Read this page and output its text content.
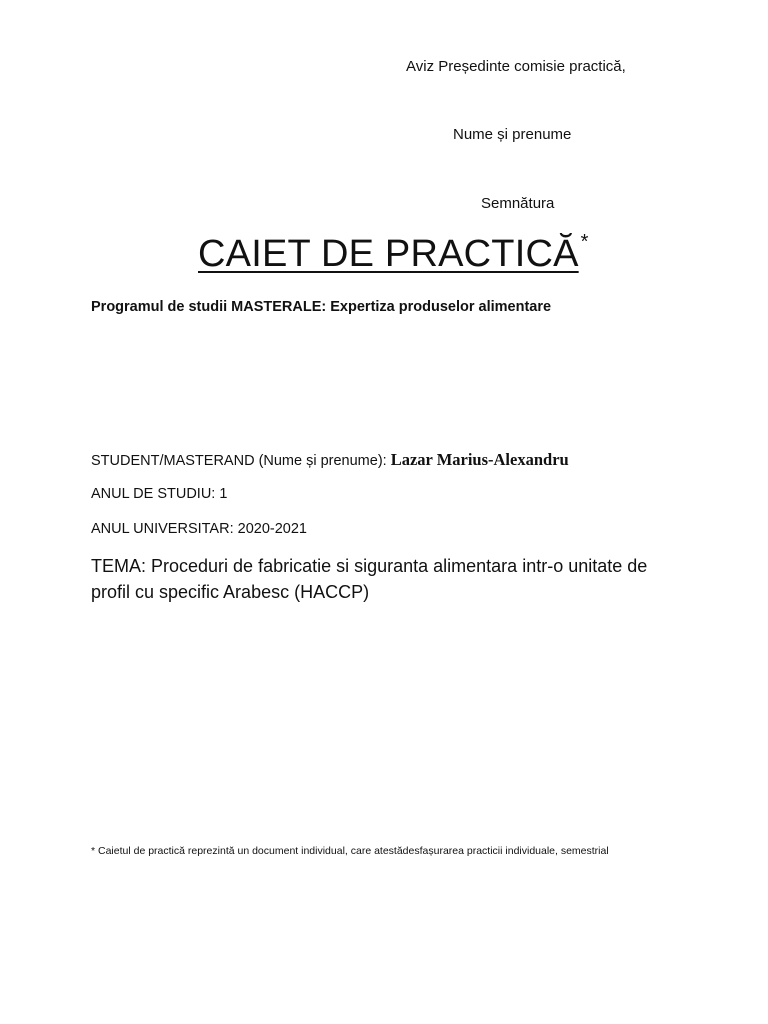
Aviz Președinte comisie practică,
Nume și prenume
Semnătura
CAIET DE PRACTICĂ *
Programul de studii MASTERALE: Expertiza produselor alimentare
STUDENT/MASTERAND (Nume și prenume): Lazar Marius-Alexandru
ANUL DE STUDIU: 1
ANUL UNIVERSITAR: 2020-2021
TEMA: Proceduri de fabricatie si siguranta alimentara intr-o unitate de profil cu specific Arabesc (HACCP)
* Caietul de practică reprezintă un document individual, care atestădesfașurarea practicii individuale, semestrial
